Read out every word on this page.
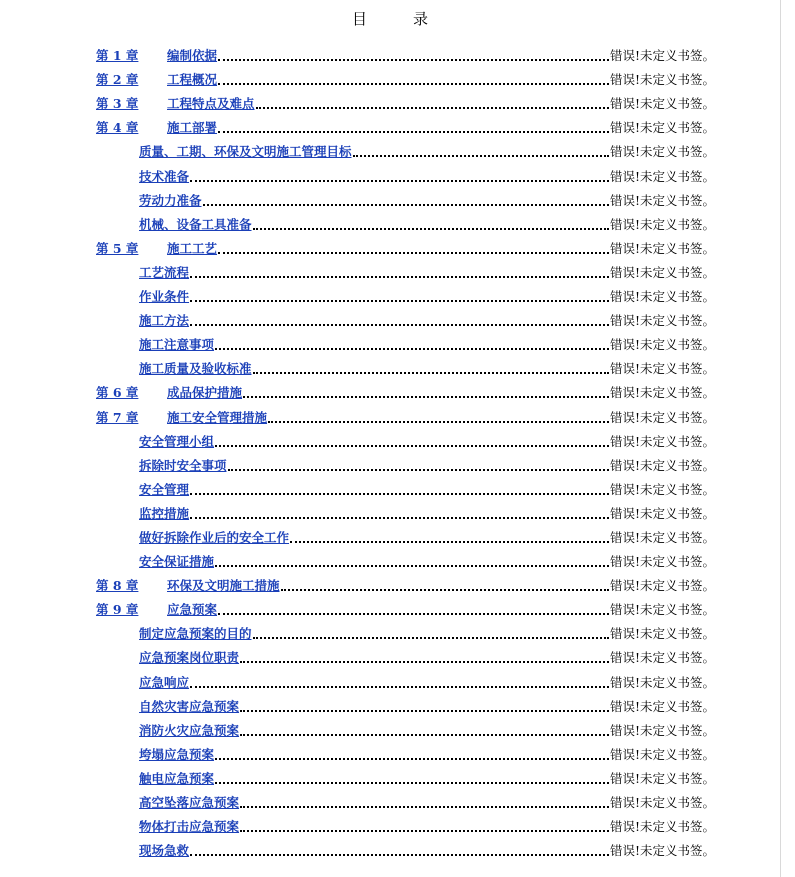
目	录
第 1 章	编制依据	错误!未定义书签。
第 2 章	工程概况	错误!未定义书签。
第 3 章	工程特点及难点	错误!未定义书签。
第 4 章	施工部署	错误!未定义书签。
质量、工期、环保及文明施工管理目标	错误!未定义书签。
技术准备	错误!未定义书签。
劳动力准备	错误!未定义书签。
机械、设备工具准备	错误!未定义书签。
第 5 章	施工工艺	错误!未定义书签。
工艺流程	错误!未定义书签。
作业条件	错误!未定义书签。
施工方法	错误!未定义书签。
施工注意事项	错误!未定义书签。
施工质量及验收标准	错误!未定义书签。
第 6 章	成品保护措施	错误!未定义书签。
第 7 章	施工安全管理措施	错误!未定义书签。
安全管理小组	错误!未定义书签。
拆除时安全事项	错误!未定义书签。
安全管理	错误!未定义书签。
监控措施	错误!未定义书签。
做好拆除作业后的安全工作	错误!未定义书签。
安全保证措施	错误!未定义书签。
第 8 章	环保及文明施工措施	错误!未定义书签。
第 9 章	应急预案	错误!未定义书签。
制定应急预案的目的	错误!未定义书签。
应急预案岗位职责	错误!未定义书签。
应急响应	错误!未定义书签。
自然灾害应急预案	错误!未定义书签。
消防火灾应急预案	错误!未定义书签。
垮塌应急预案	错误!未定义书签。
触电应急预案	错误!未定义书签。
高空坠落应急预案	错误!未定义书签。
物体打击应急预案	错误!未定义书签。
现场急救	错误!未定义书签。
